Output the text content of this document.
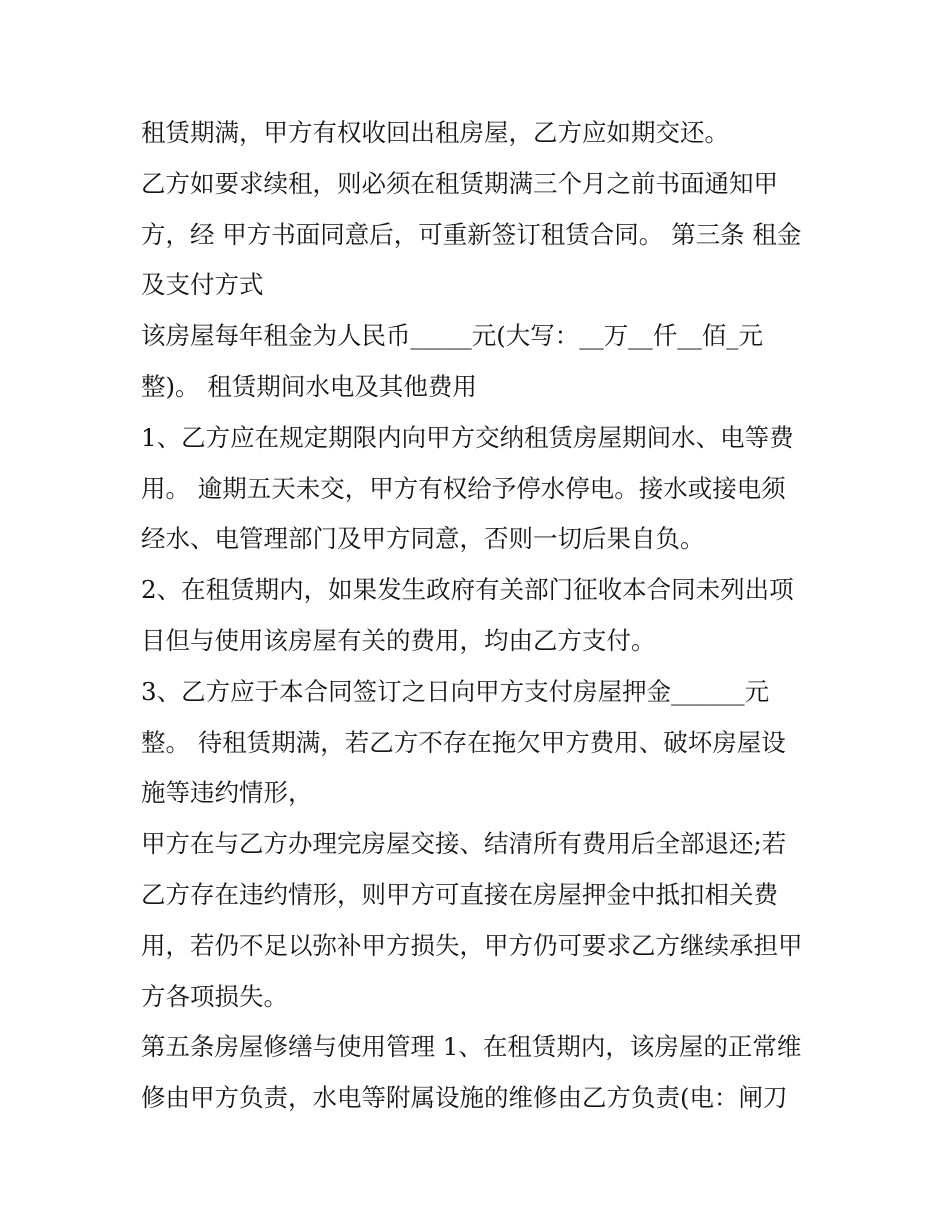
租赁期满，甲方有权收回出租房屋，乙方应如期交还。
乙方如要求续租，则必须在租赁期满三个月之前书面通知甲
方，经 甲方书面同意后，可重新签订租赁合同。 第三条 租金
及支付方式
该房屋每年租金为人民币_____元(大写：__万__仟__佰_元
整)。 租赁期间水电及其他费用
1、乙方应在规定期限内向甲方交纳租赁房屋期间水、电等费
用。 逾期五天未交，甲方有权给予停水停电。接水或接电须
经水、电管理部门及甲方同意，否则一切后果自负。
2、在租赁期内，如果发生政府有关部门征收本合同未列出项
目但与使用该房屋有关的费用，均由乙方支付。
3、乙方应于本合同签订之日向甲方支付房屋押金______元
整。 待租赁期满，若乙方不存在拖欠甲方费用、破坏房屋设
施等违约情形，
甲方在与乙方办理完房屋交接、结清所有费用后全部退还;若
乙方存在违约情形，则甲方可直接在房屋押金中抵扣相关费
用，若仍不足以弥补甲方损失，甲方仍可要求乙方继续承担甲
方各项损失。
第五条房屋修缮与使用管理 1、在租赁期内，该房屋的正常维
修由甲方负责，水电等附属设施的维修由乙方负责(电：闸刀
